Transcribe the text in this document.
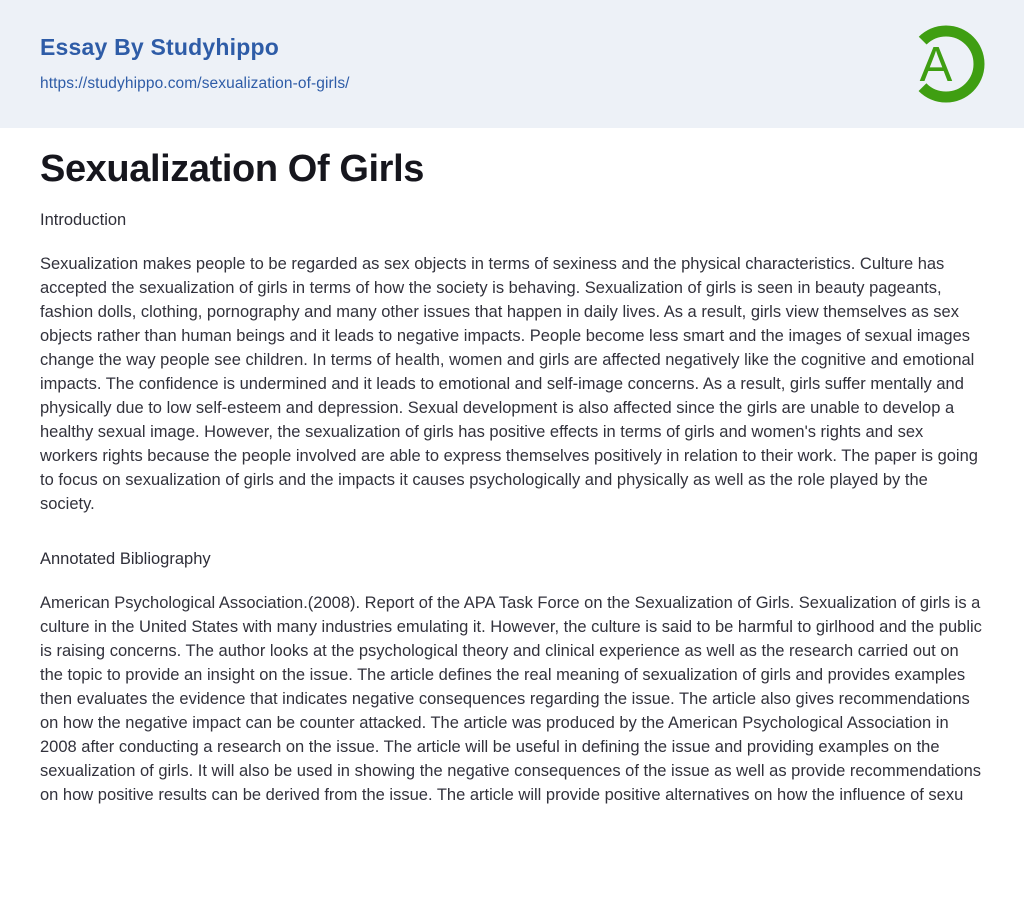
Essay By Studyhippo
https://studyhippo.com/sexualization-of-girls/	A
Sexualization Of Girls
Introduction

Sexualization makes people to be regarded as sex objects in terms of sexiness and the physical characteristics. Culture has accepted the sexualization of girls in terms of how the society is behaving. Sexualization of girls is seen in beauty pageants, fashion dolls, clothing, pornography and many other issues that happen in daily lives. As a result, girls view themselves as sex objects rather than human beings and it leads to negative impacts. People become less smart and the images of sexual images change the way people see children. In terms of health, women and girls are affected negatively like the cognitive and emotional impacts. The confidence is undermined and it leads to emotional and self-image concerns. As a result, girls suffer mentally and physically due to low self-esteem and depression. Sexual development is also affected since the girls are unable to develop a healthy sexual image. However, the sexualization of girls has positive effects in terms of girls and women's rights and sex workers rights because the people involved are able to express themselves positively in relation to their work. The paper is going to focus on sexualization of girls and the impacts it causes psychologically and physically as well as the role played by the society.

Annotated Bibliography

American Psychological Association.(2008). Report of the APA Task Force on the Sexualization of Girls. Sexualization of girls is a culture in the United States with many industries emulating it. However, the culture is said to be harmful to girlhood and the public is raising concerns. The author looks at the psychological theory and clinical experience as well as the research carried out on the topic to provide an insight on the issue. The article defines the real meaning of sexualization of girls and provides examples then evaluates the evidence that indicates negative consequences regarding the issue. The article also gives recommendations on how the negative impact can be counter attacked. The article was produced by the American Psychological Association in 2008 after conducting a research on the issue. The article will be useful in defining the issue and providing examples on the sexualization of girls. It will also be used in showing the negative consequences of the issue as well as provide recommendations on how positive results can be derived from the issue. The article will provide positive alternatives on how the influence of sexu
